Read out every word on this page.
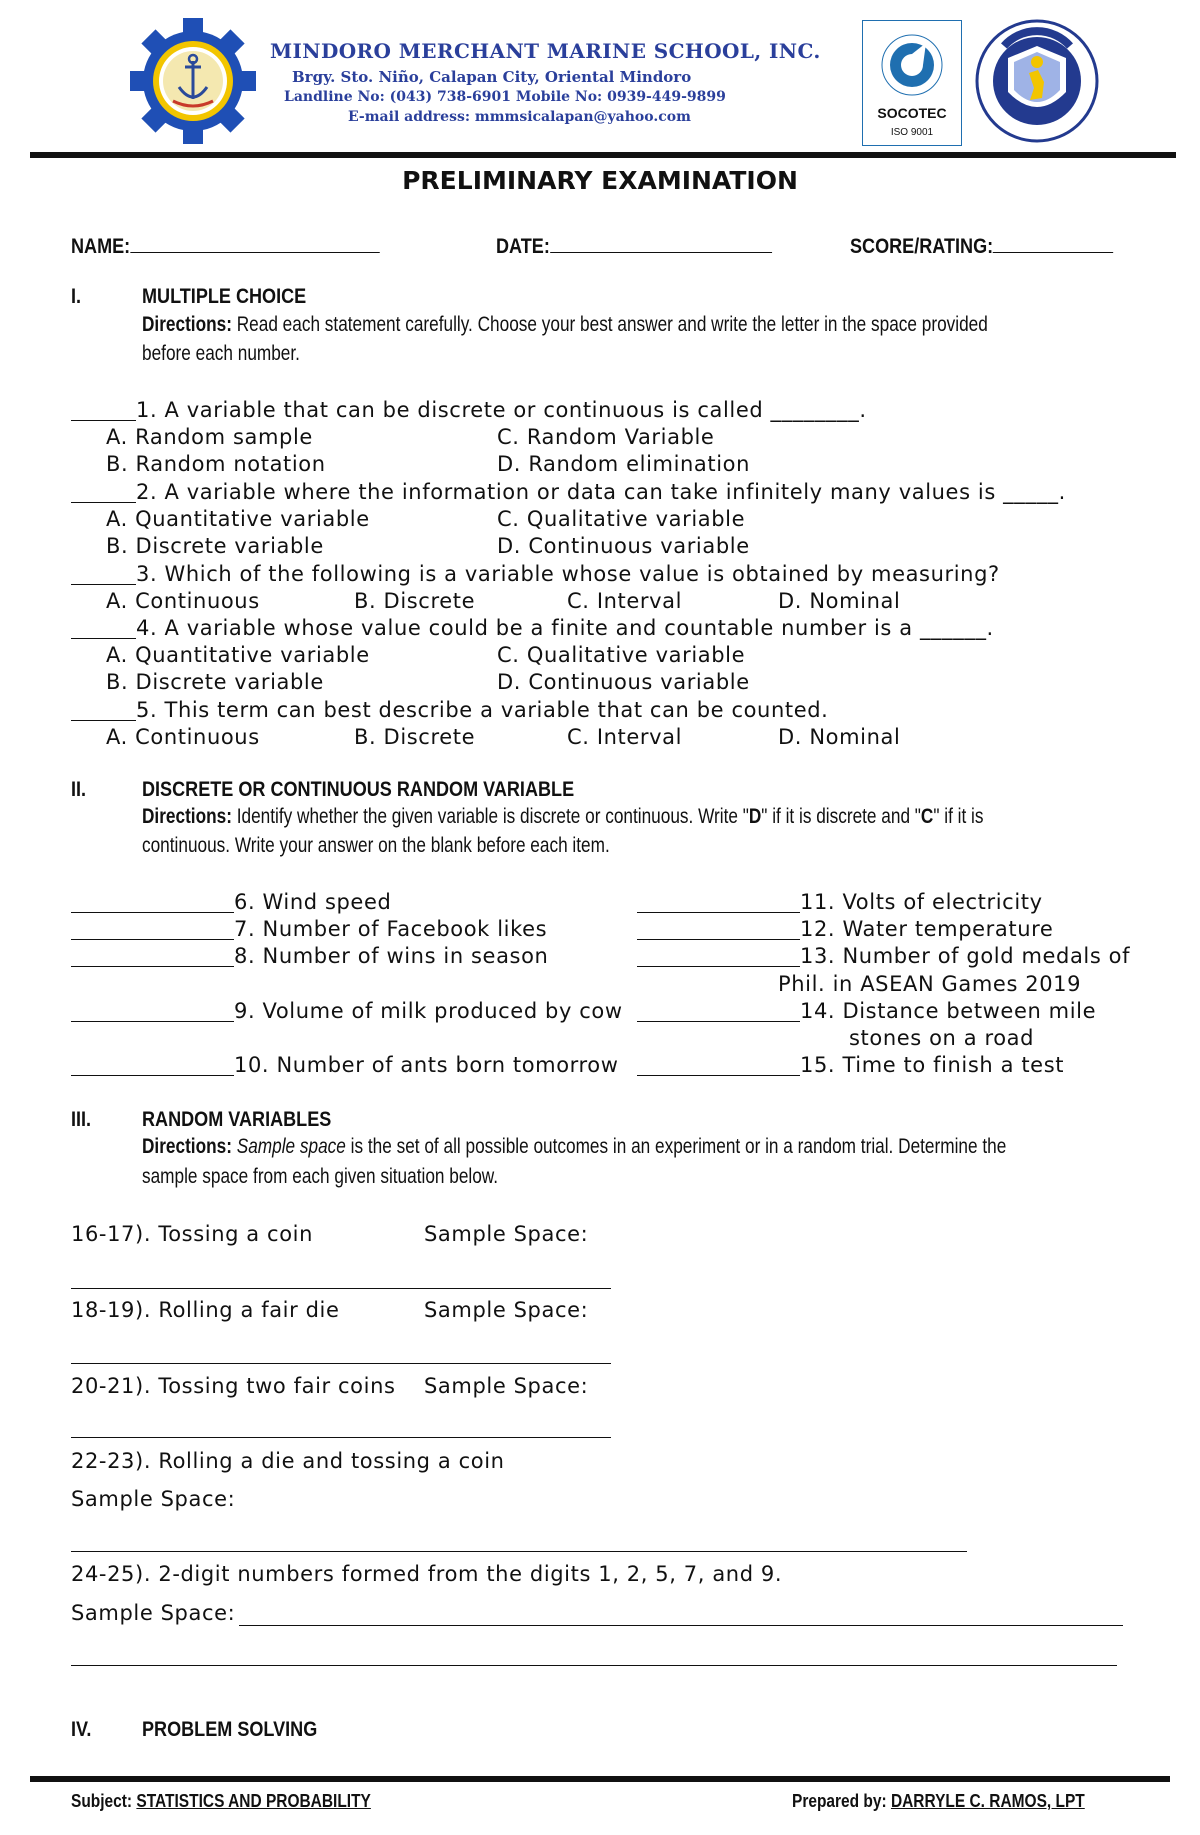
MINDORO MERCHANT MARINE SCHOOL, INC.
Brgy. Sto. Niño, Calapan City, Oriental Mindoro
Landline No: (043) 738-6901 Mobile No: 0939-449-9899
E-mail address: mmmsicalapan@yahoo.com	SOCOTEC
ISO 9001
PRELIMINARY EXAMINATION
NAME:	DATE:	SCORE/RATING:
I.	MULTIPLE CHOICE
Directions: Read each statement carefully. Choose your best answer and write the letter in the space provided
before each number.
1. A variable that can be discrete or continuous is called ________.
A. Random sample	C. Random Variable
B. Random notation	D. Random elimination
2. A variable where the information or data can take infinitely many values is _____.
A. Quantitative variable	C. Qualitative variable
B. Discrete variable	D. Continuous variable
3. Which of the following is a variable whose value is obtained by measuring?
A. Continuous	B. Discrete	C. Interval	D. Nominal
4. A variable whose value could be a finite and countable number is a ______.
A. Quantitative variable	C. Qualitative variable
B. Discrete variable	D. Continuous variable
5. This term can best describe a variable that can be counted.
A. Continuous	B. Discrete	C. Interval	D. Nominal
II.	DISCRETE OR CONTINUOUS RANDOM VARIABLE
Directions: Identify whether the given variable is discrete or continuous. Write "D" if it is discrete and "C" if it is
continuous. Write your answer on the blank before each item.
6. Wind speed
7. Number of Facebook likes
8. Number of wins in season
9. Volume of milk produced by cow
10. Number of ants born tomorrow
11. Volts of electricity
12. Water temperature
13. Number of gold medals of
Phil. in ASEAN Games 2019
14. Distance between mile
stones on a road
15. Time to finish a test
III. RANDOM VARIABLES
Directions: Sample space is the set of all possible outcomes in an experiment or in a random trial. Determine the
sample space from each given situation below.
16-17). Tossing a coin	Sample Space:
18-19). Rolling a fair die	Sample Space:
20-21). Tossing two fair coins Sample Space:
22-23). Rolling a die and tossing a coin
Sample Space:
24-25). 2-digit numbers formed from the digits 1, 2, 5, 7, and 9.
Sample Space:
IV. PROBLEM SOLVING
Subject: STATISTICS AND PROBABILITY	Prepared by: DARRYLE C. RAMOS, LPT
